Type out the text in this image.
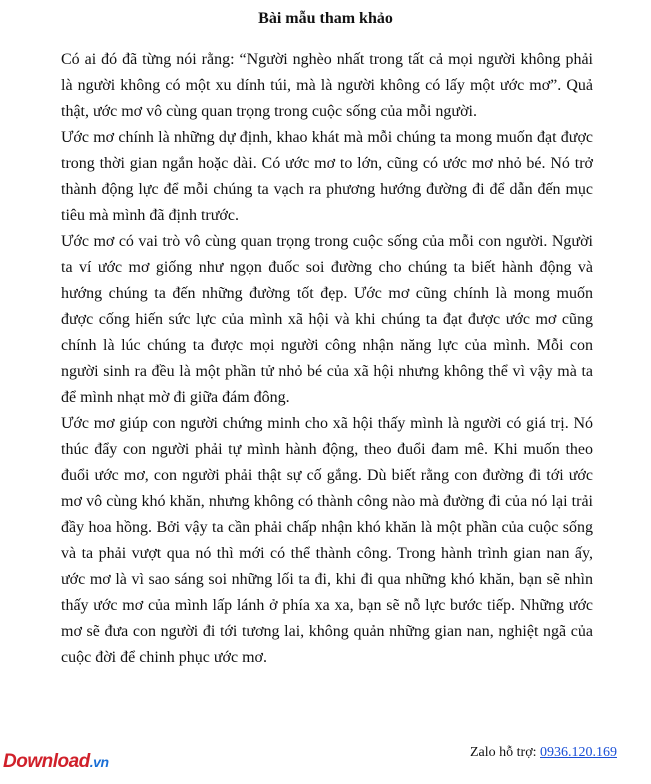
Bài mẫu tham khảo

Có ai đó đã từng nói rằng: “Người nghèo nhất trong tất cả mọi người không phải là người không có một xu dính túi, mà là người không có lấy một ước mơ”. Quả thật, ước mơ vô cùng quan trọng trong cuộc sống của mỗi người.

Ước mơ chính là những dự định, khao khát mà mỗi chúng ta mong muốn đạt được trong thời gian ngắn hoặc dài. Có ước mơ to lớn, cũng có ước mơ nhỏ bé. Nó trở thành động lực để mỗi chúng ta vạch ra phương hướng đường đi để dẫn đến mục tiêu mà mình đã định trước.

Ước mơ có vai trò vô cùng quan trọng trong cuộc sống của mỗi con người. Người ta ví ước mơ giống như ngọn đuốc soi đường cho chúng ta biết hành động và hướng chúng ta đến những đường tốt đẹp. Ước mơ cũng chính là mong muốn được cống hiến sức lực của mình xã hội và khi chúng ta đạt được ước mơ cũng chính là lúc chúng ta được mọi người công nhận năng lực của mình. Mỗi con người sinh ra đều là một phần tử nhỏ bé của xã hội nhưng không thể vì vậy mà ta để mình nhạt mờ đi giữa đám đông.

Ước mơ giúp con người chứng minh cho xã hội thấy mình là người có giá trị. Nó thúc đẩy con người phải tự mình hành động, theo đuổi đam mê. Khi muốn theo đuổi ước mơ, con người phải thật sự cố gắng. Dù biết rằng con đường đi tới ước mơ vô cùng khó khăn, nhưng không có thành công nào mà đường đi của nó lại trải đầy hoa hồng. Bởi vậy ta cần phải chấp nhận khó khăn là một phần của cuộc sống và ta phải vượt qua nó thì mới có thể thành công. Trong hành trình gian nan ấy, ước mơ là vì sao sáng soi những lối ta đi, khi đi qua những khó khăn, bạn sẽ nhìn thấy ước mơ của mình lấp lánh ở phía xa xa, bạn sẽ nỗ lực bước tiếp. Những ước mơ sẽ đưa con người đi tới tương lai, không quản những gian nan, nghiệt ngã của cuộc đời để chinh phục ước mơ.

Download.vn
Zalo hỗ trợ: 0936.120.169
